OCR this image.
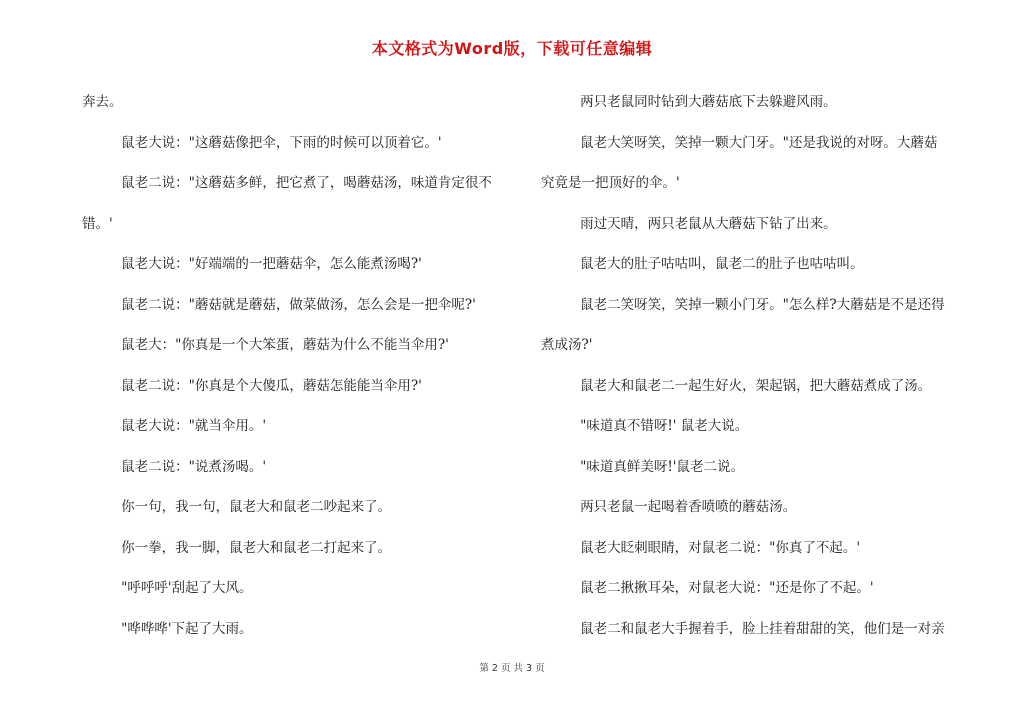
本文格式为Word版，下载可任意编辑

奔去。

鼠老大说："这蘑菇像把伞，下雨的时候可以顶着它。'

鼠老二说："这蘑菇多鲜，把它煮了，喝蘑菇汤，味道肯定很不

错。'

鼠老大说："好端端的一把蘑菇伞，怎么能煮汤喝?'

鼠老二说："蘑菇就是蘑菇，做菜做汤，怎么会是一把伞呢?'

鼠老大："你真是一个大笨蛋，蘑菇为什么不能当伞用?'

鼠老二说："你真是个大傻瓜，蘑菇怎能能当伞用?'

鼠老大说："就当伞用。'

鼠老二说："说煮汤喝。'

你一句，我一句，鼠老大和鼠老二吵起来了。

你一拳，我一脚，鼠老大和鼠老二打起来了。

"呼呼呼'刮起了大风。

"哗哗哗'下起了大雨。

两只老鼠同时钻到大蘑菇底下去躲避风雨。

鼠老大笑呀笑，笑掉一颗大门牙。"还是我说的对呀。大蘑菇

究竟是一把顶好的伞。'

雨过天晴，两只老鼠从大蘑菇下钻了出来。

鼠老大的肚子咕咕叫，鼠老二的肚子也咕咕叫。

鼠老二笑呀笑，笑掉一颗小门牙。"怎么样?大蘑菇是不是还得

煮成汤?'

鼠老大和鼠老二一起生好火，架起锅，把大蘑菇煮成了汤。

"味道真不错呀!' 鼠老大说。

"味道真鲜美呀!'鼠老二说。

两只老鼠一起喝着香喷喷的蘑菇汤。

鼠老大眨刺眼睛，对鼠老二说："你真了不起。'

鼠老二揪揪耳朵，对鼠老大说："还是你了不起。'

鼠老二和鼠老大手握着手，脸上挂着甜甜的笑，他们是一对亲

第 2 页 共 3 页
